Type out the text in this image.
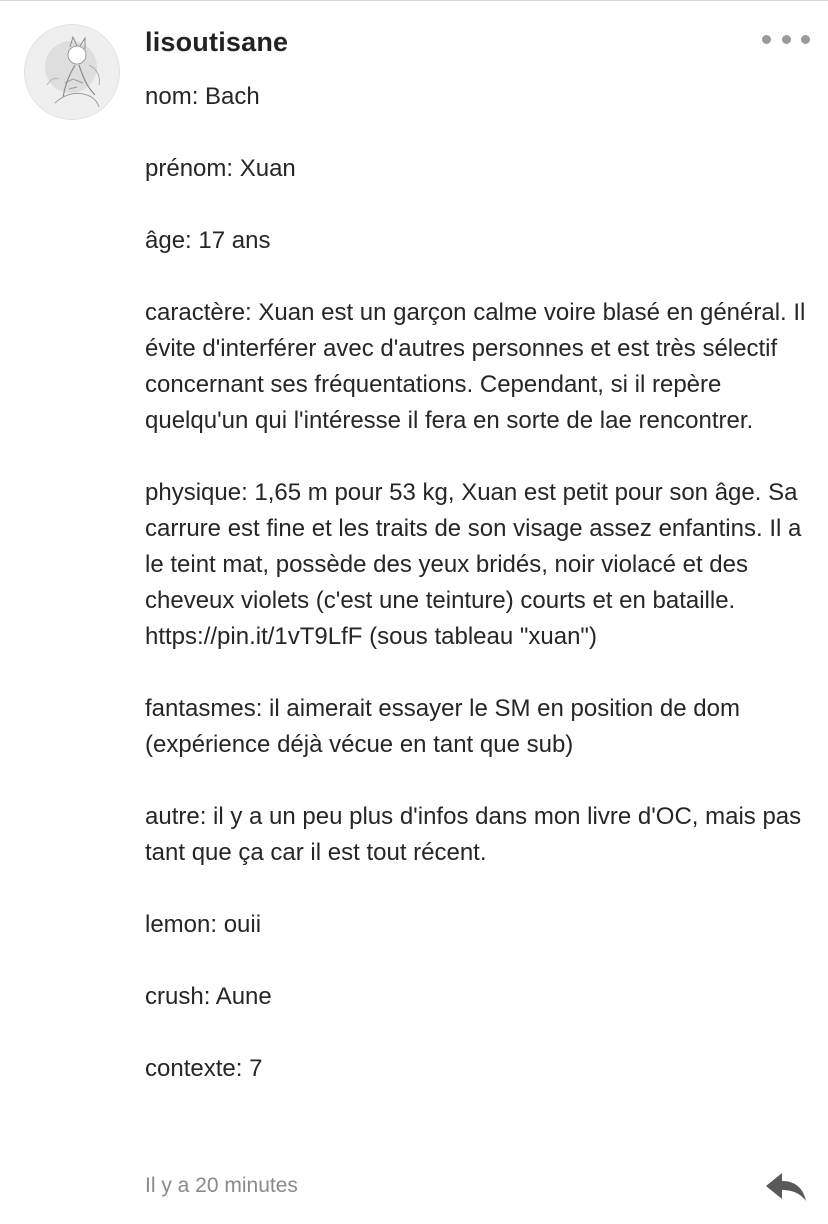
lisoutisane

nom: Bach

prénom: Xuan

âge: 17 ans

caractère: Xuan est un garçon calme voire blasé en général. Il évite d'interférer avec d'autres personnes et est très sélectif concernant ses fréquentations. Cependant, si il repère quelqu'un qui l'intéresse il fera en sorte de lae rencontrer.

physique: 1,65 m pour 53 kg, Xuan est petit pour son âge. Sa carrure est fine et les traits de son visage assez enfantins. Il a le teint mat, possède des yeux bridés, noir violacé et des cheveux violets (c'est une teinture) courts et en bataille.
https://pin.it/1vT9LfF (sous tableau "xuan")

fantasmes: il aimerait essayer le SM en position de dom (expérience déjà vécue en tant que sub)

autre: il y a un peu plus d'infos dans mon livre d'OC, mais pas tant que ça car il est tout récent.

lemon: ouii

crush: Aune

contexte: 7

Il y a 20 minutes
